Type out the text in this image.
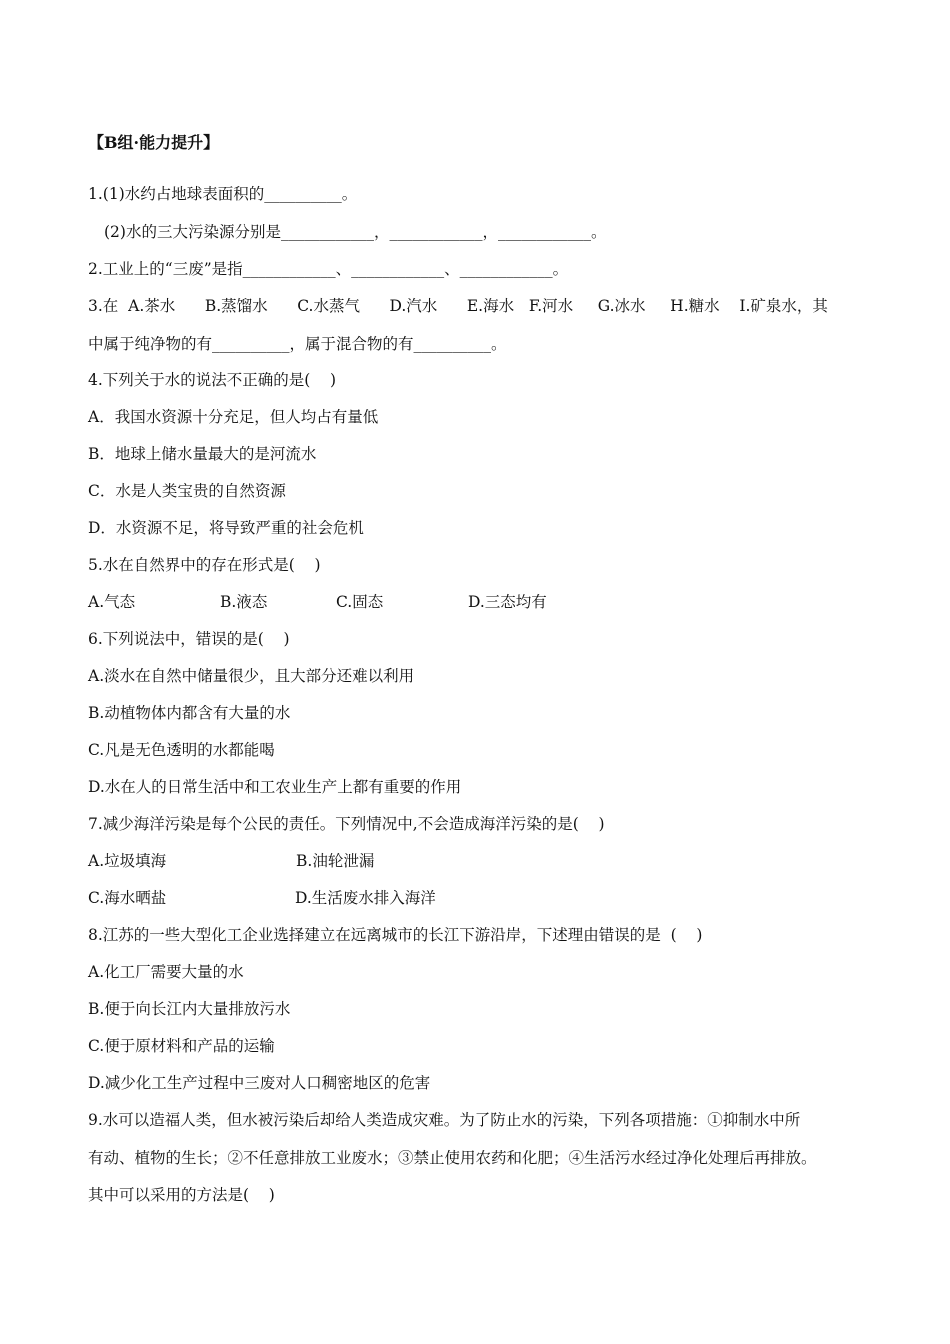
【B组·能力提升】
1.(1)水约占地球表面积的__________。
(2)水的三大污染源分别是____________，____________，____________。
2.工业上的“三废”是指____________、____________、____________。
3.在  A.茶水      B.蒸馏水      C.水蒸气      D.汽水      E.海水   F.河水     G.冰水     H.糖水    I.矿泉水，其
中属于纯净物的有__________，属于混合物的有__________。
4.下列关于水的说法不正确的是(    )
A．我国水资源十分充足，但人均占有量低
B．地球上储水量最大的是河流水
C．水是人类宝贵的自然资源
D．水资源不足，将导致严重的社会危机
5.水在自然界中的存在形式是(    )

A.气态

	B.液态

	C.固态

	D.三态均有

6.下列说法中，错误的是(    )
A.淡水在自然中储量很少，且大部分还难以利用
B.动植物体内都含有大量的水
C.凡是无色透明的水都能喝
D.水在人的日常生活中和工农业生产上都有重要的作用
7.减少海洋污染是每个公民的责任。下列情况中,不会造成海洋污染的是(    )

A.垃圾填海

	B.油轮泄漏

C.海水晒盐

	D.生活废水排入海洋

8.江苏的一些大型化工企业选择建立在远离城市的长江下游沿岸，下述理由错误的是  (    )
A.化工厂需要大量的水
B.便于向长江内大量排放污水
C.便于原材料和产品的运输
D.减少化工生产过程中三废对人口稠密地区的危害
9.水可以造福人类，但水被污染后却给人类造成灾难。为了防止水的污染，下列各项措施：①抑制水中所
有动、植物的生长；②不任意排放工业废水；③禁止使用农药和化肥；④生活污水经过净化处理后再排放。
其中可以采用的方法是(    )
